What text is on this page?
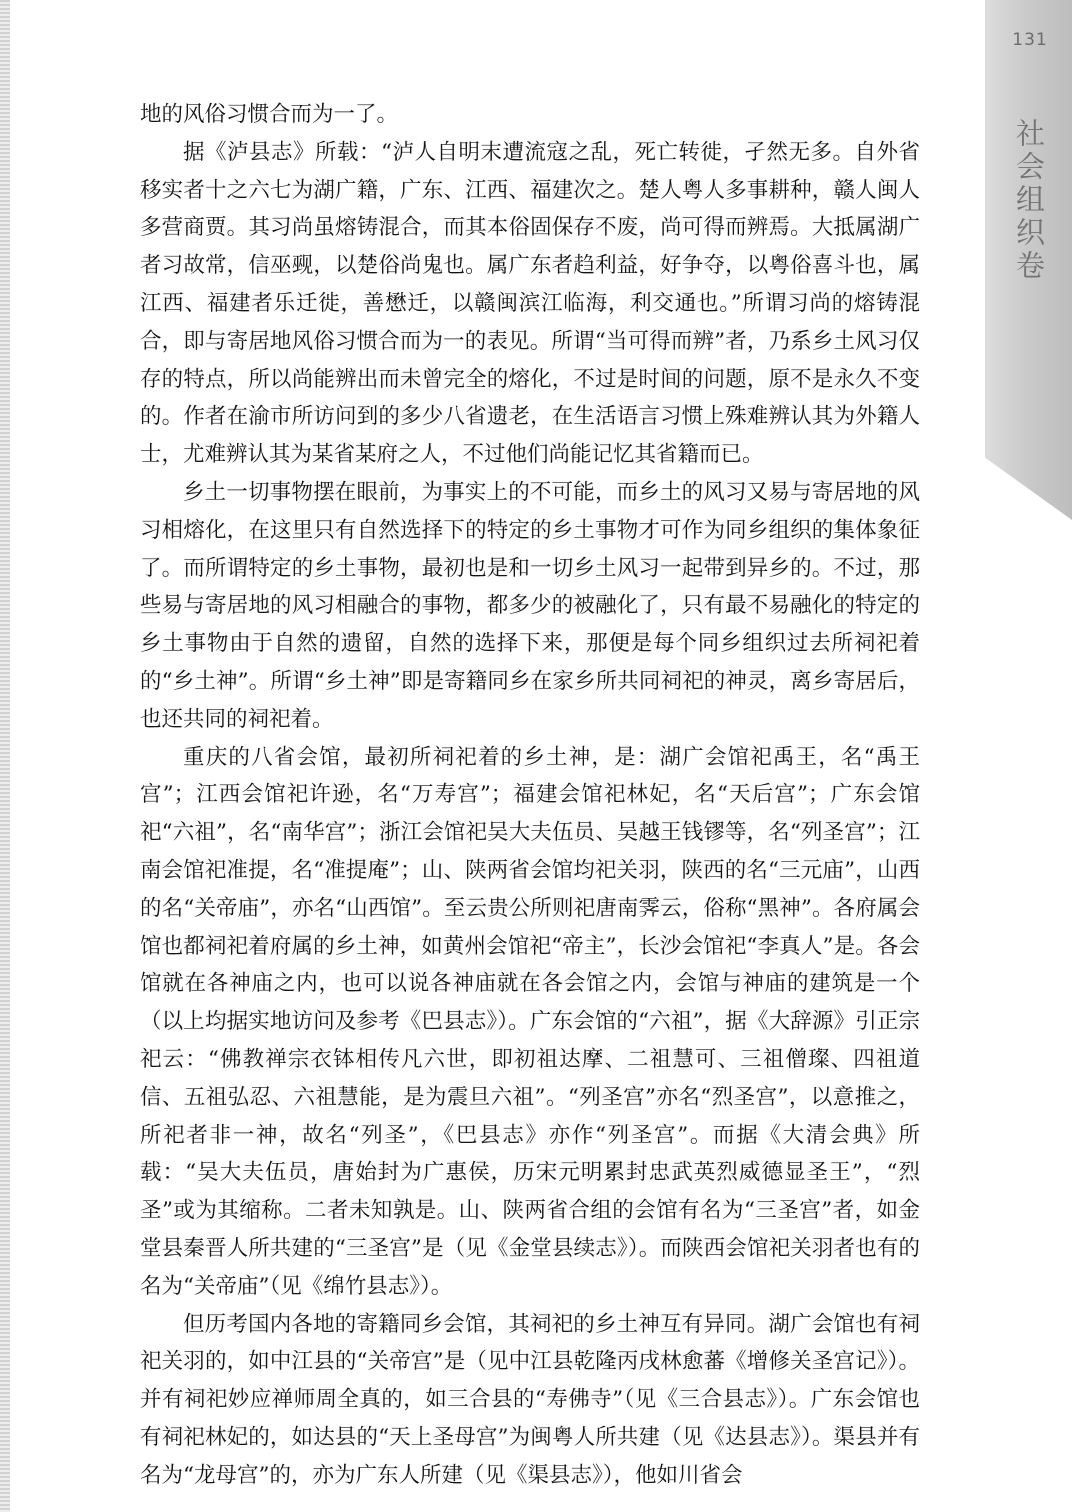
131
社会组织卷

地的风俗习惯合而为一了。

据《泸县志》所载：“泸人自明末遭流寇之乱，死亡转徙，孑然无多。自外省移实者十之六七为湖广籍，广东、江西、福建次之。楚人粤人多事耕种，赣人闽人多营商贾。其习尚虽熔铸混合，而其本俗固保存不废，尚可得而辨焉。大抵属湖广者习故常，信巫觋，以楚俗尚鬼也。属广东者趋利益，好争夺，以粤俗喜斗也，属江西、福建者乐迁徙，善懋迁，以赣闽滨江临海，利交通也。”所谓习尚的熔铸混合，即与寄居地风俗习惯合而为一的表见。所谓“当可得而辨”者，乃系乡土风习仅存的特点，所以尚能辨出而未曾完全的熔化，不过是时间的问题，原不是永久不变的。作者在渝市所访问到的多少八省遗老，在生活语言习惯上殊难辨认其为外籍人士，尤难辨认其为某省某府之人，不过他们尚能记忆其省籍而已。

乡土一切事物摆在眼前，为事实上的不可能，而乡土的风习又易与寄居地的风习相熔化，在这里只有自然选择下的特定的乡土事物才可作为同乡组织的集体象征了。而所谓特定的乡土事物，最初也是和一切乡土风习一起带到异乡的。不过，那些易与寄居地的风习相融合的事物，都多少的被融化了，只有最不易融化的特定的乡土事物由于自然的遗留，自然的选择下来，那便是每个同乡组织过去所祠祀着的“乡土神”。所谓“乡土神”即是寄籍同乡在家乡所共同祠祀的神灵，离乡寄居后，也还共同的祠祀着。

重庆的八省会馆，最初所祠祀着的乡土神，是：湖广会馆祀禹王，名“禹王宫”；江西会馆祀许逊，名“万寿宫”；福建会馆祀林妃，名“天后宫”；广东会馆祀“六祖”，名“南华宫”；浙江会馆祀吴大夫伍员、吴越王钱镠等，名“列圣宫”；江南会馆祀准提，名“准提庵”；山、陕两省会馆均祀关羽，陕西的名“三元庙”，山西的名“关帝庙”，亦名“山西馆”。至云贵公所则祀唐南霁云，俗称“黑神”。各府属会馆也都祠祀着府属的乡土神，如黄州会馆祀“帝主”，长沙会馆祀“李真人”是。各会馆就在各神庙之内，也可以说各神庙就在各会馆之内，会馆与神庙的建筑是一个（以上均据实地访问及参考《巴县志》）。广东会馆的“六祖”，据《大辞源》引正宗祀云：“佛教禅宗衣钵相传凡六世，即初祖达摩、二祖慧可、三祖僧璨、四祖道信、五祖弘忍、六祖慧能，是为震旦六祖”。“列圣宫”亦名“烈圣宫”，以意推之，所祀者非一神，故名“列圣”，《巴县志》亦作“列圣宫”。而据《大清会典》所载：“吴大夫伍员，唐始封为广惠侯，历宋元明累封忠武英烈威德显圣王”，“烈圣”或为其缩称。二者未知孰是。山、陕两省合组的会馆有名为“三圣宫”者，如金堂县秦晋人所共建的“三圣宫”是（见《金堂县续志》）。而陕西会馆祀关羽者也有的名为“关帝庙”（见《绵竹县志》）。

但历考国内各地的寄籍同乡会馆，其祠祀的乡土神互有异同。湖广会馆也有祠祀关羽的，如中江县的“关帝宫”是（见中江县乾隆丙戌林愈蕃《增修关圣宫记》）。并有祠祀妙应禅师周全真的，如三合县的“寿佛寺”（见《三合县志》）。广东会馆也有祠祀林妃的，如达县的“天上圣母宫”为闽粤人所共建（见《达县志》）。渠县并有名为“龙母宫”的，亦为广东人所建（见《渠县志》），他如川省会
